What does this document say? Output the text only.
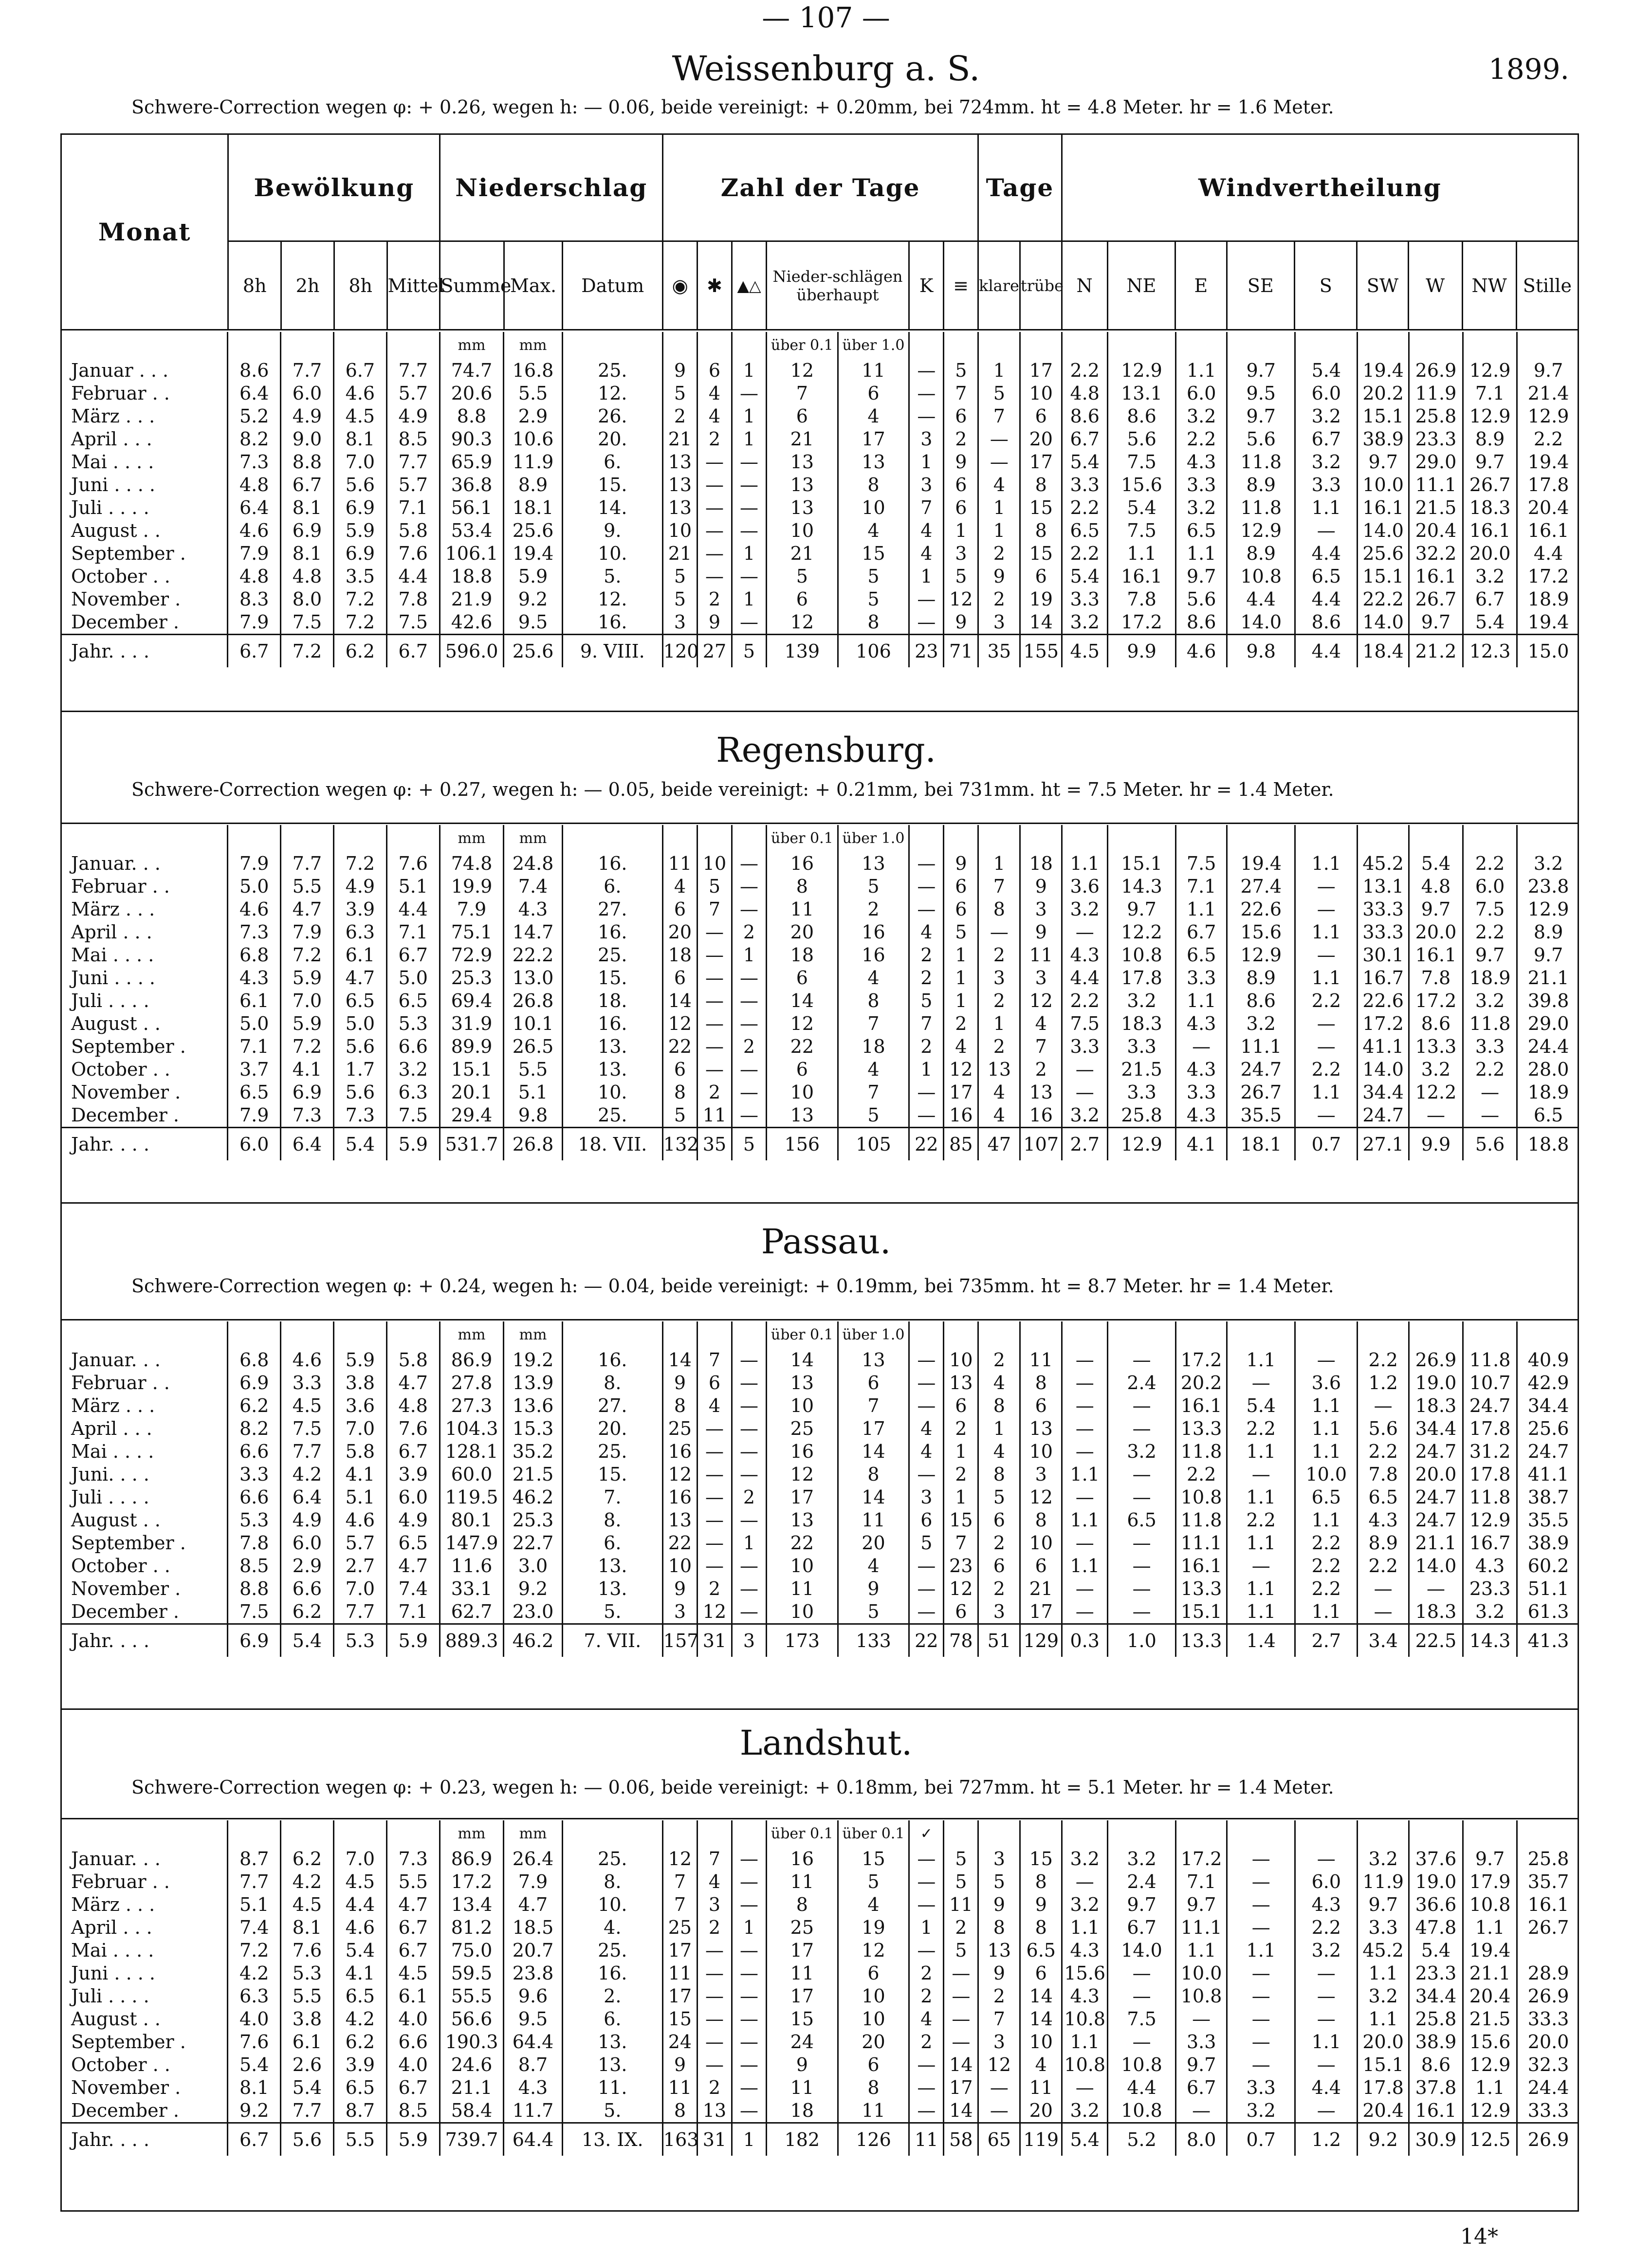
— 107 —
Weissenburg a. S.	1899.
Schwere-Correction wegen φ: + 0.26, wegen h: — 0.06, beide vereinigt: + 0.20mm, bei 724mm. ht = 4.8 Meter. hr = 1.6 Meter.
Monat	Bewölkung				Niederschlag			Zahl der Tage						Tage		Windvertheilung								
	8h	2h	8h	Mittel	Summe	Max.	Datum	◉	✱	▲△	Nieder-schlägen überhaupt	K	≡	klare	trübe	N	NE	E	SE	S	SW	W	NW	Stille
					mm	mm					über 0.1	über 1.0													
Januar . . .	8.6	7.7	6.7	7.7	74.7	16.8	25.	9	6	1	12	11	—	5	1	17	2.2	12.9	1.1	9.7	5.4	19.4	26.9	12.9	9.7
Februar . .	6.4	6.0	4.6	5.7	20.6	5.5	12.	5	4	—	7	6	—	7	5	10	4.8	13.1	6.0	9.5	6.0	20.2	11.9	7.1	21.4
März . . .	5.2	4.9	4.5	4.9	8.8	2.9	26.	2	4	1	6	4	—	6	7	6	8.6	8.6	3.2	9.7	3.2	15.1	25.8	12.9	12.9
April . . .	8.2	9.0	8.1	8.5	90.3	10.6	20.	21	2	1	21	17	3	2	—	20	6.7	5.6	2.2	5.6	6.7	38.9	23.3	8.9	2.2
Mai . . . .	7.3	8.8	7.0	7.7	65.9	11.9	6.	13	—	—	13	13	1	9	—	17	5.4	7.5	4.3	11.8	3.2	9.7	29.0	9.7	19.4
Juni . . . .	4.8	6.7	5.6	5.7	36.8	8.9	15.	13	—	—	13	8	3	6	4	8	3.3	15.6	3.3	8.9	3.3	10.0	11.1	26.7	17.8
Juli . . . .	6.4	8.1	6.9	7.1	56.1	18.1	14.	13	—	—	13	10	7	6	1	15	2.2	5.4	3.2	11.8	1.1	16.1	21.5	18.3	20.4
August . .	4.6	6.9	5.9	5.8	53.4	25.6	9.	10	—	—	10	4	4	1	1	8	6.5	7.5	6.5	12.9	—	14.0	20.4	16.1	16.1
September .	7.9	8.1	6.9	7.6	106.1	19.4	10.	21	—	1	21	15	4	3	2	15	2.2	1.1	1.1	8.9	4.4	25.6	32.2	20.0	4.4
October . .	4.8	4.8	3.5	4.4	18.8	5.9	5.	5	—	—	5	5	1	5	9	6	5.4	16.1	9.7	10.8	6.5	15.1	16.1	3.2	17.2
November .	8.3	8.0	7.2	7.8	21.9	9.2	12.	5	2	1	6	5	—	12	2	19	3.3	7.8	5.6	4.4	4.4	22.2	26.7	6.7	18.9
December .	7.9	7.5	7.2	7.5	42.6	9.5	16.	3	9	—	12	8	—	9	3	14	3.2	17.2	8.6	14.0	8.6	14.0	9.7	5.4	19.4
Jahr. . . .	6.7	7.2	6.2	6.7	596.0	25.6	9. VIII.	120	27	5	139	106	23	71	35	155	4.5	9.9	4.6	9.8	4.4	18.4	21.2	12.3	15.0
Regensburg.
Schwere-Correction wegen φ: + 0.27, wegen h: — 0.05, beide vereinigt: + 0.21mm, bei 731mm. ht = 7.5 Meter. hr = 1.4 Meter.
					mm	mm					über 0.1	über 1.0													
Januar. . .	7.9	7.7	7.2	7.6	74.8	24.8	16.	11	10	—	16	13	—	9	1	18	1.1	15.1	7.5	19.4	1.1	45.2	5.4	2.2	3.2
Februar . .	5.0	5.5	4.9	5.1	19.9	7.4	6.	4	5	—	8	5	—	6	7	9	3.6	14.3	7.1	27.4	—	13.1	4.8	6.0	23.8
März . . .	4.6	4.7	3.9	4.4	7.9	4.3	27.	6	7	—	11	2	—	6	8	3	3.2	9.7	1.1	22.6	—	33.3	9.7	7.5	12.9
April . . .	7.3	7.9	6.3	7.1	75.1	14.7	16.	20	—	2	20	16	4	5	—	9	—	12.2	6.7	15.6	1.1	33.3	20.0	2.2	8.9
Mai . . . .	6.8	7.2	6.1	6.7	72.9	22.2	25.	18	—	1	18	16	2	1	2	11	4.3	10.8	6.5	12.9	—	30.1	16.1	9.7	9.7
Juni . . . .	4.3	5.9	4.7	5.0	25.3	13.0	15.	6	—	—	6	4	2	1	3	3	4.4	17.8	3.3	8.9	1.1	16.7	7.8	18.9	21.1
Juli . . . .	6.1	7.0	6.5	6.5	69.4	26.8	18.	14	—	—	14	8	5	1	2	12	2.2	3.2	1.1	8.6	2.2	22.6	17.2	3.2	39.8
August . .	5.0	5.9	5.0	5.3	31.9	10.1	16.	12	—	—	12	7	7	2	1	4	7.5	18.3	4.3	3.2	—	17.2	8.6	11.8	29.0
September .	7.1	7.2	5.6	6.6	89.9	26.5	13.	22	—	2	22	18	2	4	2	7	3.3	3.3	—	11.1	—	41.1	13.3	3.3	24.4
October . .	3.7	4.1	1.7	3.2	15.1	5.5	13.	6	—	—	6	4	1	12	13	2	—	21.5	4.3	24.7	2.2	14.0	3.2	2.2	28.0
November .	6.5	6.9	5.6	6.3	20.1	5.1	10.	8	2	—	10	7	—	17	4	13	—	3.3	3.3	26.7	1.1	34.4	12.2	—	18.9
December .	7.9	7.3	7.3	7.5	29.4	9.8	25.	5	11	—	13	5	—	16	4	16	3.2	25.8	4.3	35.5	—	24.7	—	—	6.5
Jahr. . . .	6.0	6.4	5.4	5.9	531.7	26.8	18. VII.	132	35	5	156	105	22	85	47	107	2.7	12.9	4.1	18.1	0.7	27.1	9.9	5.6	18.8
Passau.
Schwere-Correction wegen φ: + 0.24, wegen h: — 0.04, beide vereinigt: + 0.19mm, bei 735mm. ht = 8.7 Meter. hr = 1.4 Meter.
					mm	mm					über 0.1	über 1.0													
Januar. . .	6.8	4.6	5.9	5.8	86.9	19.2	16.	14	7	—	14	13	—	10	2	11	—	—	17.2	1.1	—	2.2	26.9	11.8	40.9
Februar . .	6.9	3.3	3.8	4.7	27.8	13.9	8.	9	6	—	13	6	—	13	4	8	—	2.4	20.2	—	3.6	1.2	19.0	10.7	42.9
März . . .	6.2	4.5	3.6	4.8	27.3	13.6	27.	8	4	—	10	7	—	6	8	6	—	—	16.1	5.4	1.1	—	18.3	24.7	34.4
April . . .	8.2	7.5	7.0	7.6	104.3	15.3	20.	25	—	—	25	17	4	2	1	13	—	—	13.3	2.2	1.1	5.6	34.4	17.8	25.6
Mai . . . .	6.6	7.7	5.8	6.7	128.1	35.2	25.	16	—	—	16	14	4	1	4	10	—	3.2	11.8	1.1	1.1	2.2	24.7	31.2	24.7
Juni. . . .	3.3	4.2	4.1	3.9	60.0	21.5	15.	12	—	—	12	8	—	2	8	3	1.1	—	2.2	—	10.0	7.8	20.0	17.8	41.1
Juli . . . .	6.6	6.4	5.1	6.0	119.5	46.2	7.	16	—	2	17	14	3	1	5	12	—	—	10.8	1.1	6.5	6.5	24.7	11.8	38.7
August . .	5.3	4.9	4.6	4.9	80.1	25.3	8.	13	—	—	13	11	6	15	6	8	1.1	6.5	11.8	2.2	1.1	4.3	24.7	12.9	35.5
September .	7.8	6.0	5.7	6.5	147.9	22.7	6.	22	—	1	22	20	5	7	2	10	—	—	11.1	1.1	2.2	8.9	21.1	16.7	38.9
October . .	8.5	2.9	2.7	4.7	11.6	3.0	13.	10	—	—	10	4	—	23	6	6	1.1	—	16.1	—	2.2	2.2	14.0	4.3	60.2
November .	8.8	6.6	7.0	7.4	33.1	9.2	13.	9	2	—	11	9	—	12	2	21	—	—	13.3	1.1	2.2	—	—	23.3	51.1
December .	7.5	6.2	7.7	7.1	62.7	23.0	5.	3	12	—	10	5	—	6	3	17	—	—	15.1	1.1	1.1	—	18.3	3.2	61.3
Jahr. . . .	6.9	5.4	5.3	5.9	889.3	46.2	7. VII.	157	31	3	173	133	22	78	51	129	0.3	1.0	13.3	1.4	2.7	3.4	22.5	14.3	41.3
Landshut.
Schwere-Correction wegen φ: + 0.23, wegen h: — 0.06, beide vereinigt: + 0.18mm, bei 727mm. ht = 5.1 Meter. hr = 1.4 Meter.
					mm	mm					über 0.1	über 0.1	✓												
Januar. . .	8.7	6.2	7.0	7.3	86.9	26.4	25.	12	7	—	16	15	—	5	3	15	3.2	3.2	17.2	—	—	3.2	37.6	9.7	25.8
Februar . .	7.7	4.2	4.5	5.5	17.2	7.9	8.	7	4	—	11	5	—	5	5	8	—	2.4	7.1	—	6.0	11.9	19.0	17.9	35.7
März . . .	5.1	4.5	4.4	4.7	13.4	4.7	10.	7	3	—	8	4	—	11	9	9	3.2	9.7	9.7	—	4.3	9.7	36.6	10.8	16.1
April . . .	7.4	8.1	4.6	6.7	81.2	18.5	4.	25	2	1	25	19	1	2	8	8	1.1	6.7	11.1	—	2.2	3.3	47.8	1.1	26.7
Mai . . . .	7.2	7.6	5.4	6.7	75.0	20.7	25.	17	—	—	17	12	—	5	13	6.5	4.3	14.0	1.1	1.1	3.2	45.2	5.4	19.4	
Juni . . . .	4.2	5.3	4.1	4.5	59.5	23.8	16.	11	—	—	11	6	2	—	9	6	15.6	—	10.0	—	—	1.1	23.3	21.1	28.9
Juli . . . .	6.3	5.5	6.5	6.1	55.5	9.6	2.	17	—	—	17	10	2	—	2	14	4.3	—	10.8	—	—	3.2	34.4	20.4	26.9
August . .	4.0	3.8	4.2	4.0	56.6	9.5	6.	15	—	—	15	10	4	—	7	14	10.8	7.5	—	—	—	1.1	25.8	21.5	33.3
September .	7.6	6.1	6.2	6.6	190.3	64.4	13.	24	—	—	24	20	2	—	3	10	1.1	—	3.3	—	1.1	20.0	38.9	15.6	20.0
October . .	5.4	2.6	3.9	4.0	24.6	8.7	13.	9	—	—	9	6	—	14	12	4	10.8	10.8	9.7	—	—	15.1	8.6	12.9	32.3
November .	8.1	5.4	6.5	6.7	21.1	4.3	11.	11	2	—	11	8	—	17	—	11	—	4.4	6.7	3.3	4.4	17.8	37.8	1.1	24.4
December .	9.2	7.7	8.7	8.5	58.4	11.7	5.	8	13	—	18	11	—	14	—	20	3.2	10.8	—	3.2	—	20.4	16.1	12.9	33.3
Jahr. . . .	6.7	5.6	5.5	5.9	739.7	64.4	13. IX.	163	31	1	182	126	11	58	65	119	5.4	5.2	8.0	0.7	1.2	9.2	30.9	12.5	26.9
14*
